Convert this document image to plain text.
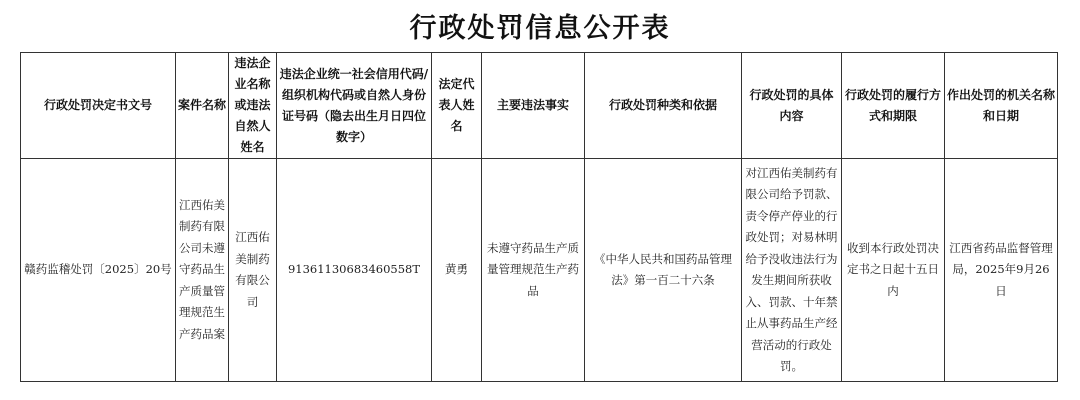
行政处罚信息公开表
行政处罚决定书文号	案件名称	违法企业名称或违法自然人姓名	违法企业统一社会信用代码/组织机构代码或自然人身份证号码（隐去出生月日四位数字）	法定代表人姓名	主要违法事实	行政处罚种类和依据	行政处罚的具体内容	行政处罚的履行方式和期限	作出处罚的机关名称和日期
赣药监稽处罚〔2025〕20号	江西佑美制药有限公司未遵守药品生产质量管理规范生产药品案	江西佑美制药有限公司	91361130683460558T	黄勇	未遵守药品生产质量管理规范生产药品	《中华人民共和国药品管理法》第一百二十六条	对江西佑美制药有限公司给予罚款、责令停产停业的行政处罚；对易林明给予没收违法行为发生期间所获收入、罚款、十年禁止从事药品生产经营活动的行政处罚。	收到本行政处罚决定书之日起十五日内	江西省药品监督管理局，2025年9月26日
